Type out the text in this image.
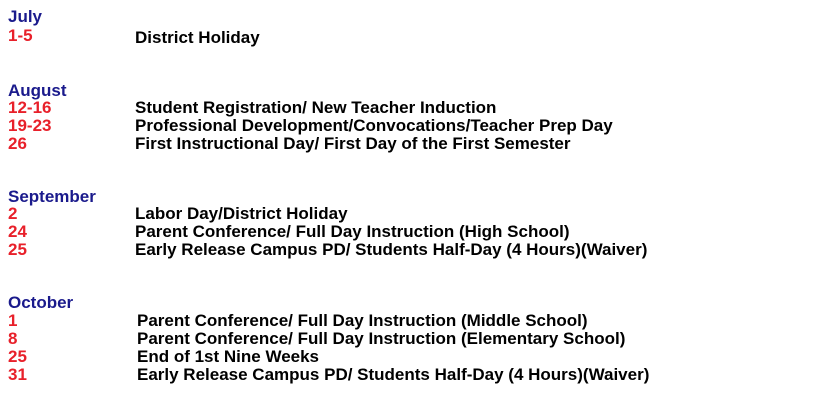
July
1-5	District Holiday
August
12-16	Student Registration/ New Teacher Induction
19-23	Professional Development/Convocations/Teacher Prep Day
26	First Instructional Day/ First Day of the First Semester
September
2	Labor Day/District Holiday
24	Parent Conference/ Full Day Instruction (High School)
25	Early Release Campus PD/ Students Half-Day (4 Hours)(Waiver)
October
1	Parent Conference/ Full Day Instruction (Middle School)
8	Parent Conference/ Full Day Instruction (Elementary School)
25	End of 1st Nine Weeks
31	Early Release Campus PD/ Students Half-Day (4 Hours)(Waiver)
